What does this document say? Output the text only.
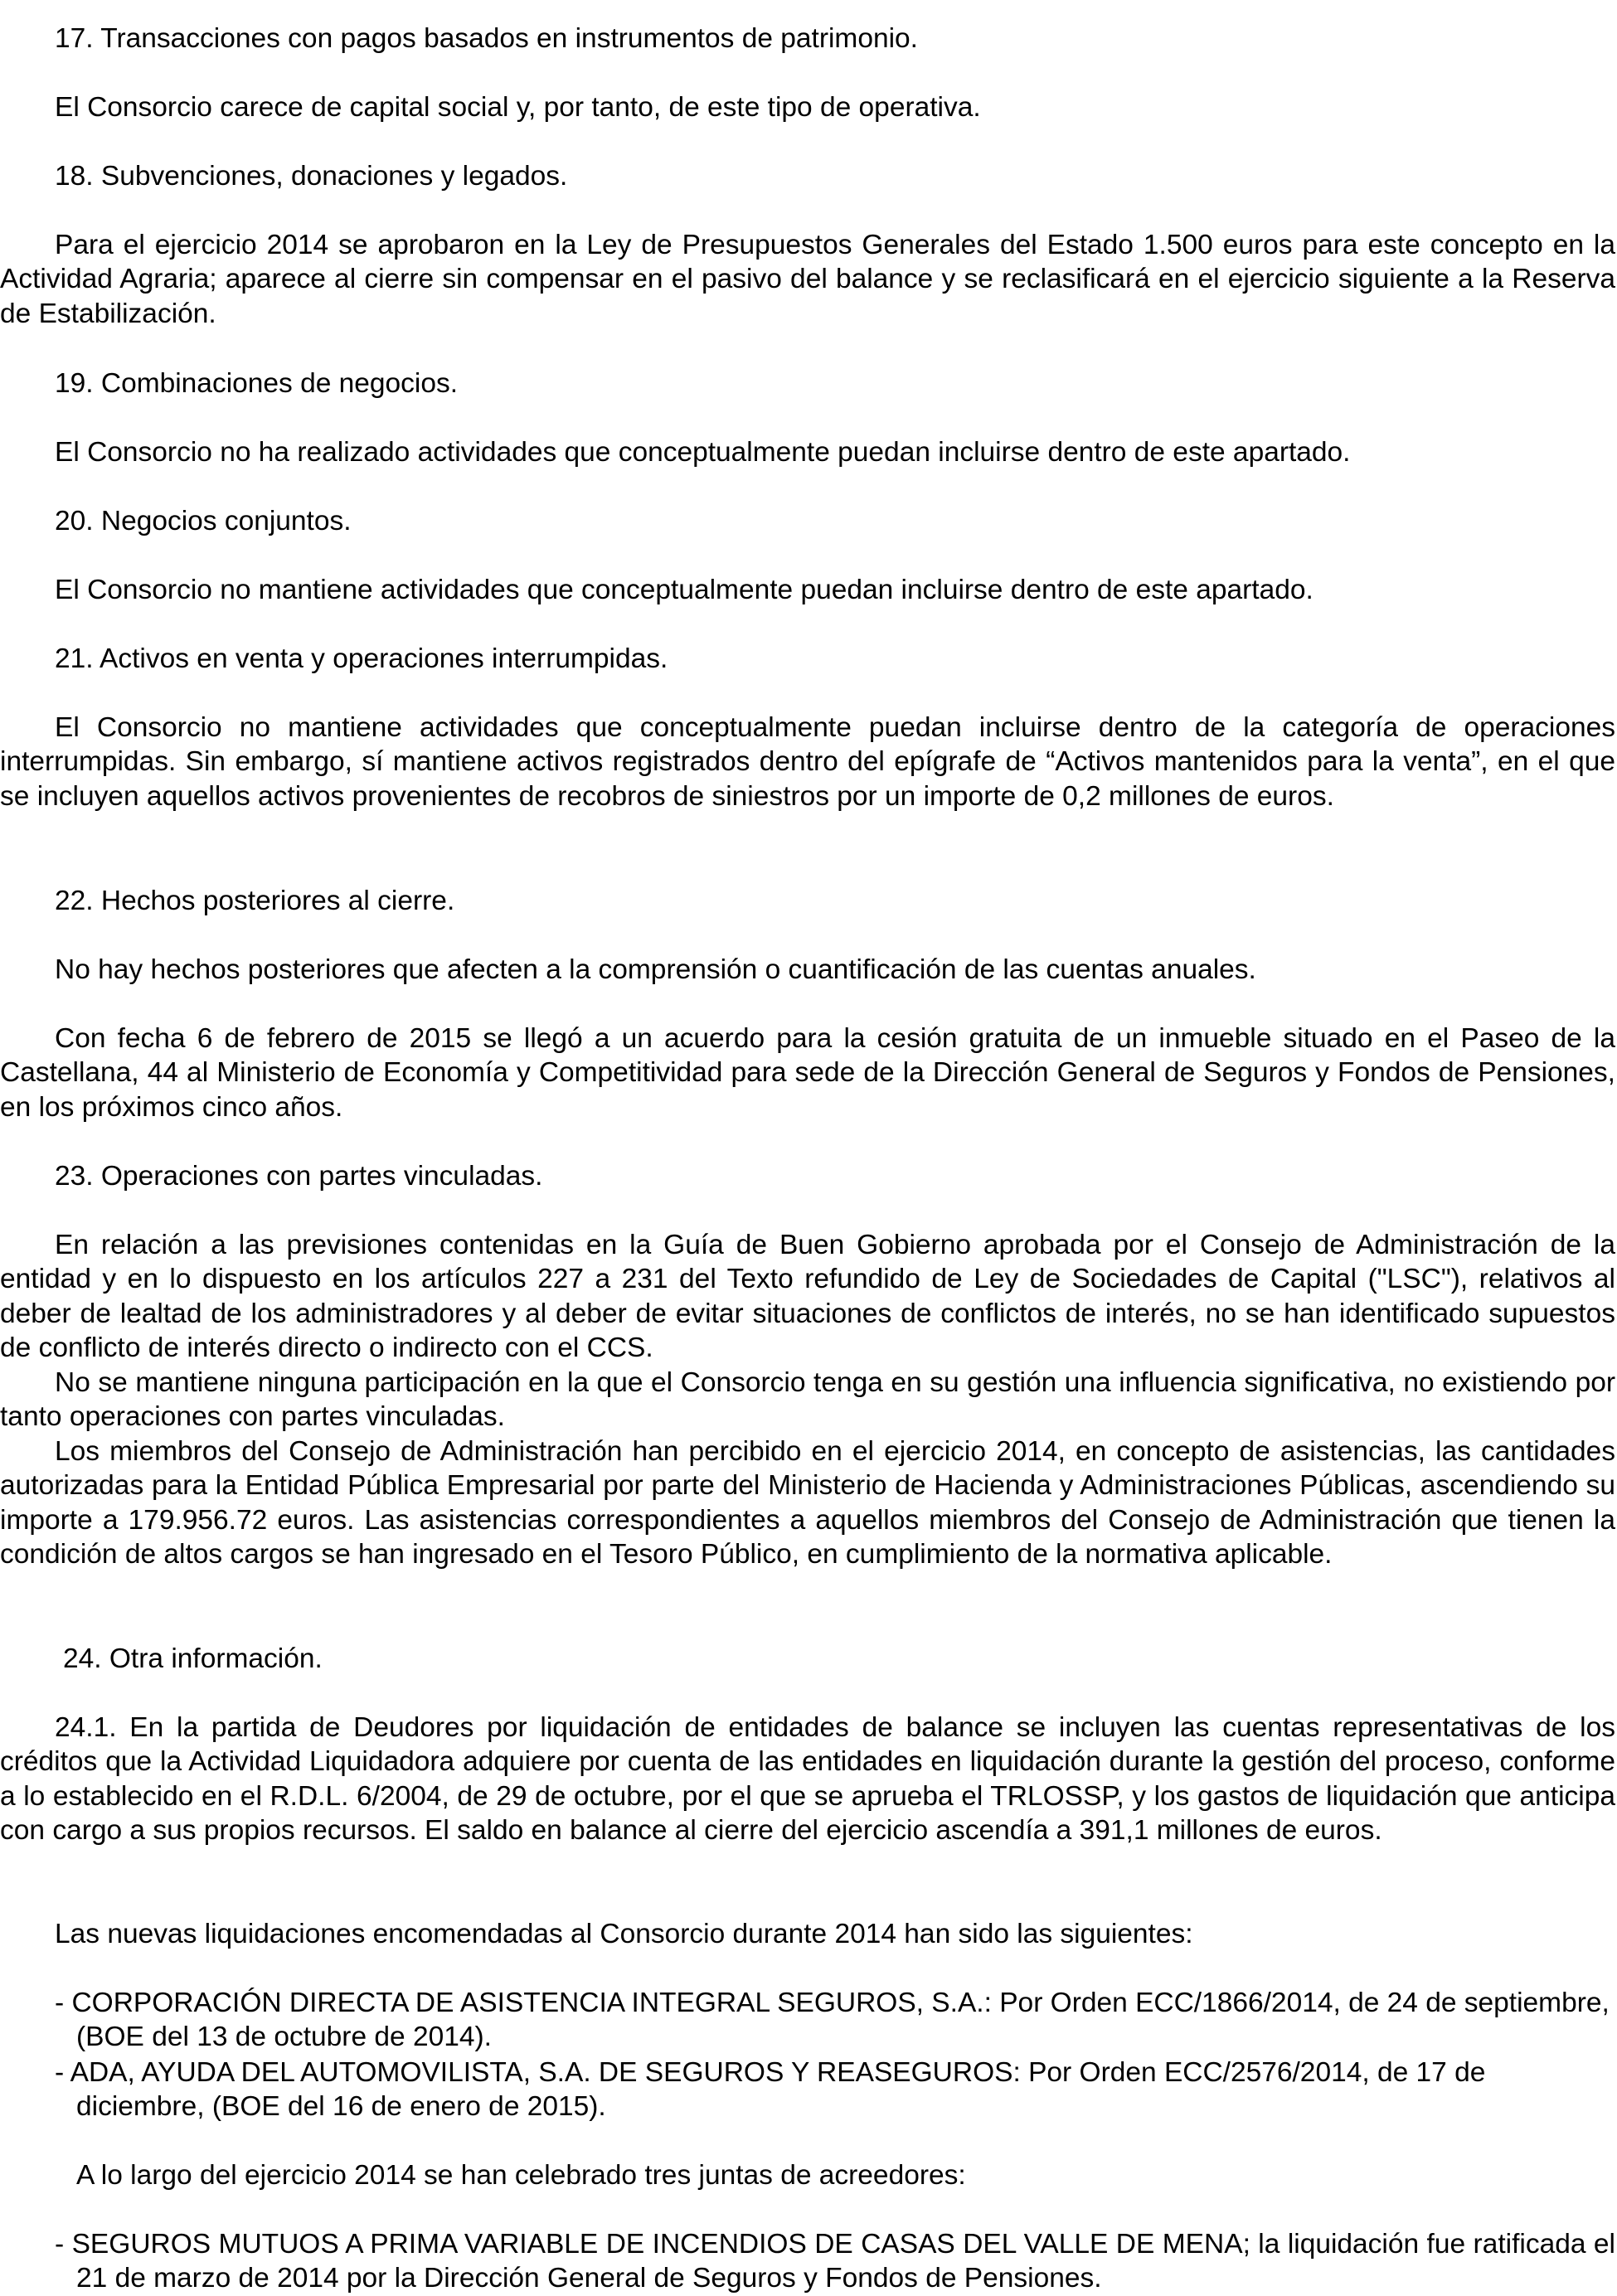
17. Transacciones con pagos basados en instrumentos de patrimonio.

El Consorcio carece de capital social y, por tanto, de este tipo de operativa.

18. Subvenciones, donaciones y legados.

Para el ejercicio 2014 se aprobaron en la Ley de Presupuestos Generales del Estado 1.500 euros para este concepto en la Actividad Agraria; aparece al cierre sin compensar en el pasivo del balance y se reclasificará en el ejercicio siguiente a la Reserva de Estabilización.

19. Combinaciones de negocios.

El Consorcio no ha realizado actividades que conceptualmente puedan incluirse dentro de este apartado.

20. Negocios conjuntos.

El Consorcio no mantiene actividades que conceptualmente puedan incluirse dentro de este apartado.

21. Activos en venta y operaciones interrumpidas.

El Consorcio no mantiene actividades que conceptualmente puedan incluirse dentro de la categoría de operaciones interrumpidas. Sin embargo, sí mantiene activos registrados dentro del epígrafe de “Activos mantenidos para la venta”, en el que se incluyen aquellos activos provenientes de recobros de siniestros por un importe de 0,2 millones de euros.

22. Hechos posteriores al cierre.

No hay hechos posteriores que afecten a la comprensión o cuantificación de las cuentas anuales.

Con fecha 6 de febrero de 2015 se llegó a un acuerdo para la cesión gratuita de un inmueble situado en el Paseo de la Castellana, 44 al Ministerio de Economía y Competitividad para sede de la Dirección General de Seguros y Fondos de Pensiones, en los próximos cinco años.

23. Operaciones con partes vinculadas.

En relación a las previsiones contenidas en la Guía de Buen Gobierno aprobada por el Consejo de Administración de la entidad y en lo dispuesto en los artículos 227 a 231 del Texto refundido de Ley de Sociedades de Capital ("LSC"), relativos al deber de lealtad de los administradores y al deber de evitar situaciones de conflictos de interés, no se han identificado supuestos de conflicto de interés directo o indirecto con el CCS.

No se mantiene ninguna participación en la que el Consorcio tenga en su gestión una influencia significativa, no existiendo por tanto operaciones con partes vinculadas.

Los miembros del Consejo de Administración han percibido en el ejercicio 2014, en concepto de asistencias, las cantidades autorizadas para la Entidad Pública Empresarial por parte del Ministerio de Hacienda y Administraciones Públicas, ascendiendo su importe a 179.956.72 euros. Las asistencias correspondientes a aquellos miembros del Consejo de Administración que tienen la condición de altos cargos se han ingresado en el Tesoro Público, en cumplimiento de la normativa aplicable.

24. Otra información.

24.1. En la partida de Deudores por liquidación de entidades de balance se incluyen las cuentas representativas de los créditos que la Actividad Liquidadora adquiere por cuenta de las entidades en liquidación durante la gestión del proceso, conforme a lo establecido en el R.D.L. 6/2004, de 29 de octubre, por el que se aprueba el TRLOSSP, y los gastos de liquidación que anticipa con cargo a sus propios recursos. El saldo en balance al cierre del ejercicio ascendía a 391,1 millones de euros.

Las nuevas liquidaciones encomendadas al Consorcio durante 2014 han sido las siguientes:

- CORPORACIÓN DIRECTA DE ASISTENCIA INTEGRAL SEGUROS, S.A.: Por Orden ECC/1866/2014, de 24 de septiembre, (BOE del 13 de octubre de 2014).

- ADA, AYUDA DEL AUTOMOVILISTA, S.A. DE SEGUROS Y REASEGUROS: Por Orden ECC/2576/2014, de 17 de diciembre, (BOE del 16 de enero de 2015).

A lo largo del ejercicio 2014 se han celebrado tres juntas de acreedores:

- SEGUROS MUTUOS A PRIMA VARIABLE DE INCENDIOS DE CASAS DEL VALLE DE MENA; la liquidación fue ratificada el 21 de marzo de 2014 por la Dirección General de Seguros y Fondos de Pensiones.
